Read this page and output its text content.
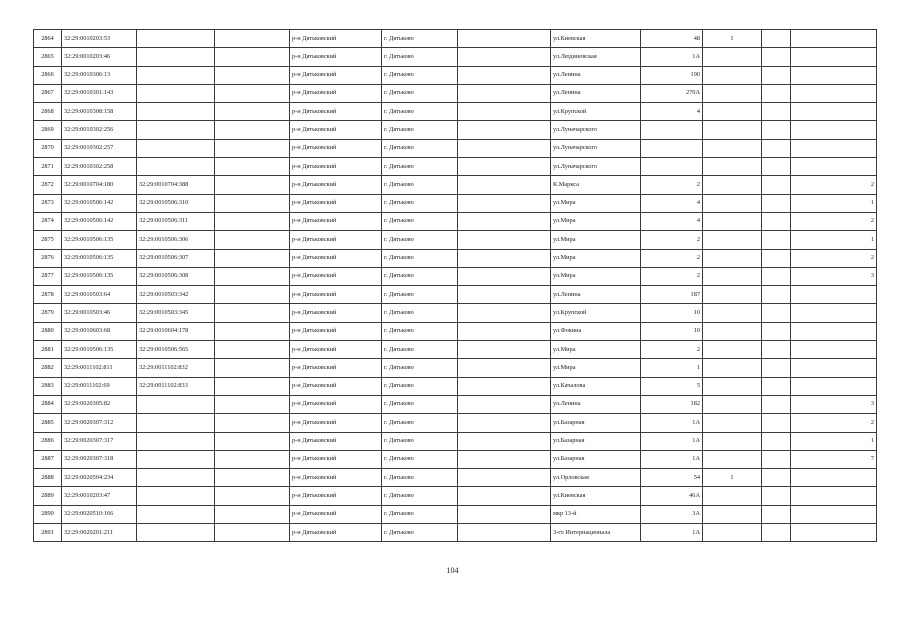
2864	32:29:0010203:53			р-н Дятьковский	г. Дятьково		ул.Киевская	48	1		
2865	32:29:0010203:46			р-н Дятьковский	г. Дятьково		ул.Людиновская	1А			
2866	32:29:0010306:13			р-н Дятьковский	г. Дятьково		ул.Ленина	190			
2867	32:29:0010301:143			р-н Дятьковский	г. Дятьково		ул.Ленина	270А			
2868	32:29:0010308:158			р-н Дятьковский	г. Дятьково		ул.Крупской	4			
2869	32:29:0010302:256			р-н Дятьковский	г. Дятьково		ул.Луначарского				
2870	32:29:0010302:257			р-н Дятьковский	г. Дятьково		ул.Луначарского				
2871	32:29:0010302:258			р-н Дятьковский	г. Дятьково		ул.Луначарского				
2872	32:29:0010704:180	32:29:0010704:388		р-н Дятьковский	г. Дятьково		К.Маркса	2			2
2873	32:29:0010506:142	32:29:0010506:310		р-н Дятьковский	г. Дятьково		ул.Мира	4			1
2874	32:29:0010506:142	32:29:0010506:311		р-н Дятьковский	г. Дятьково		ул.Мира	4			2
2875	32:29:0010506:135	32:29:0010506:306		р-н Дятьковский	г. Дятьково		ул.Мира	2			1
2876	32:29:0010506:135	32:29:0010506:307		р-н Дятьковский	г. Дятьково		ул.Мира	2			2
2877	32:29:0010506:135	32:29:0010506:308		р-н Дятьковский	г. Дятьково		ул.Мира	2			3
2878	32:29:0010503:64	32:29:0010503:342		р-н Дятьковский	г. Дятьково		ул.Ленина	187			
2879	32:29:0010503:46	32:29:0010503:345		р-н Дятьковский	г. Дятьково		ул.Крупской	10			
2880	32:29:0010603:68	32:29:0010604:178		р-н Дятьковский	г. Дятьково		ул.Фокина	10			
2881	32:29:0010506:135	32:29:0010506:565		р-н Дятьковский	г. Дятьково		ул.Мира	2			
2882	32:29:0011102:811	32:29:0011102:832		р-н Дятьковский	г. Дятьково		ул.Мира	1			
2883	32:29:0011102:69	32:29:0011102:833		р-н Дятьковский	г. Дятьково		ул.Качалова	5			
2884	32:29:0020305:82			р-н Дятьковский	г. Дятьково		ул.Ленина	182			3
2885	32:29:0020307:312			р-н Дятьковский	г. Дятьково		ул.Базарная	1А			2
2886	32:29:0020307:317			р-н Дятьковский	г. Дятьково		ул.Базарная	1А			1
2887	32:29:0020307:318			р-н Дятьковский	г. Дятьково		ул.Базарная	1А			7
2888	32:29:0020504:234			р-н Дятьковский	г. Дятьково		ул.Орловская	54	1		
2889	32:29:0010203:47			р-н Дятьковский	г. Дятьково		ул.Киевская	46А			
2890	32:29:0020510:166			р-н Дятьковский	г. Дятьково		мкр 13-й	3А			
2891	32:29:0020201:211			р-н Дятьковский	г. Дятьково		3-го Интернационала	1А			
104
